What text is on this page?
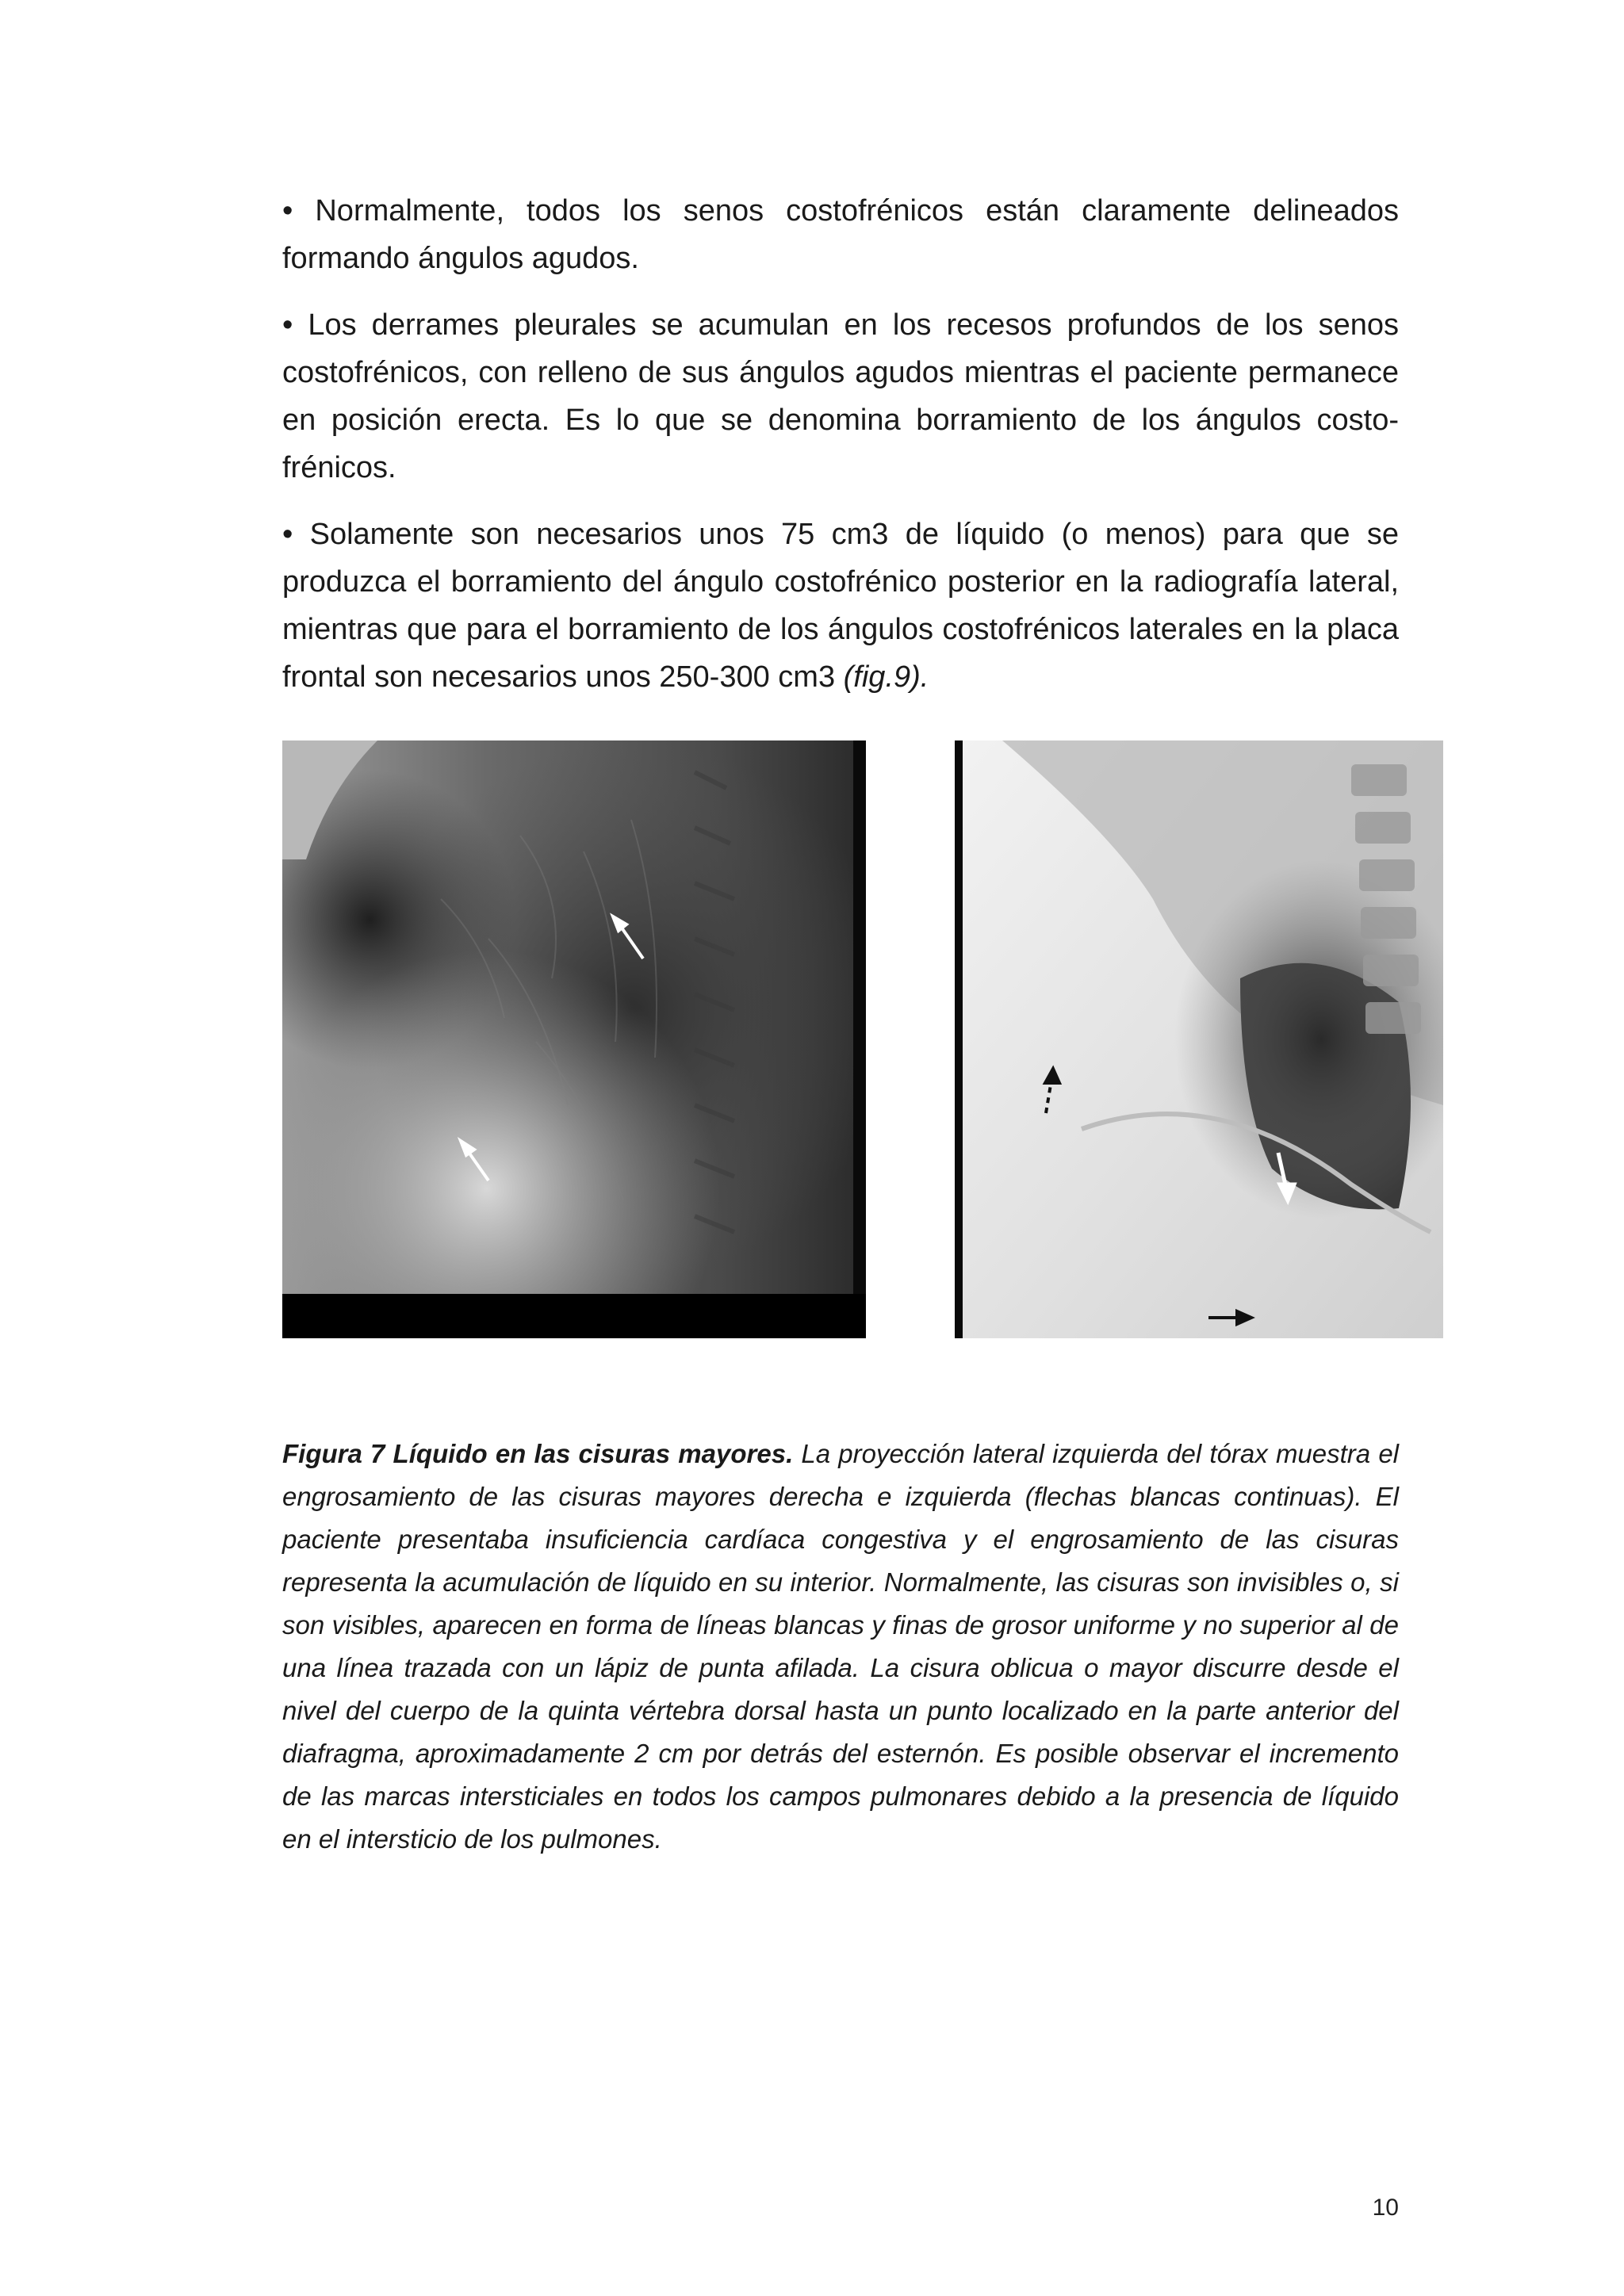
• Normalmente, todos los senos costofrénicos están claramente delineados formando ángulos agudos.

• Los derrames pleurales se acumulan en los recesos profundos de los senos costofrénicos, con relleno de sus ángulos agudos mientras el paciente permanece en posición erecta. Es lo que se denomina borramiento de los ángulos costo- frénicos.

• Solamente son necesarios unos 75 cm3 de líquido (o menos) para que se produzca el borramiento del ángulo costofrénico posterior en la radiografía lateral, mientras que para el borramiento de los ángulos costofrénicos laterales en la placa frontal son necesarios unos 250-300 cm3 (fig.9).

Figura 7 Líquido en las cisuras mayores. La proyección lateral izquierda del tórax muestra el engrosamiento de las cisuras mayores derecha e izquierda (flechas blancas continuas). El paciente presentaba insuficiencia cardíaca congestiva y el engrosamiento de las cisuras representa la acumulación de líquido en su interior. Normalmente, las cisuras son invisibles o, si son visibles, aparecen en forma de líneas blancas y finas de grosor uniforme y no superior al de una línea trazada con un lápiz de punta afilada. La cisura oblicua o mayor discurre desde el nivel del cuerpo de la quinta vértebra dorsal hasta un punto localizado en la parte anterior del diafragma, aproximadamente 2 cm por detrás del esternón. Es posible observar el incremento de las marcas intersticiales en todos los campos pulmonares debido a la presencia de líquido en el intersticio de los pulmones.

10
